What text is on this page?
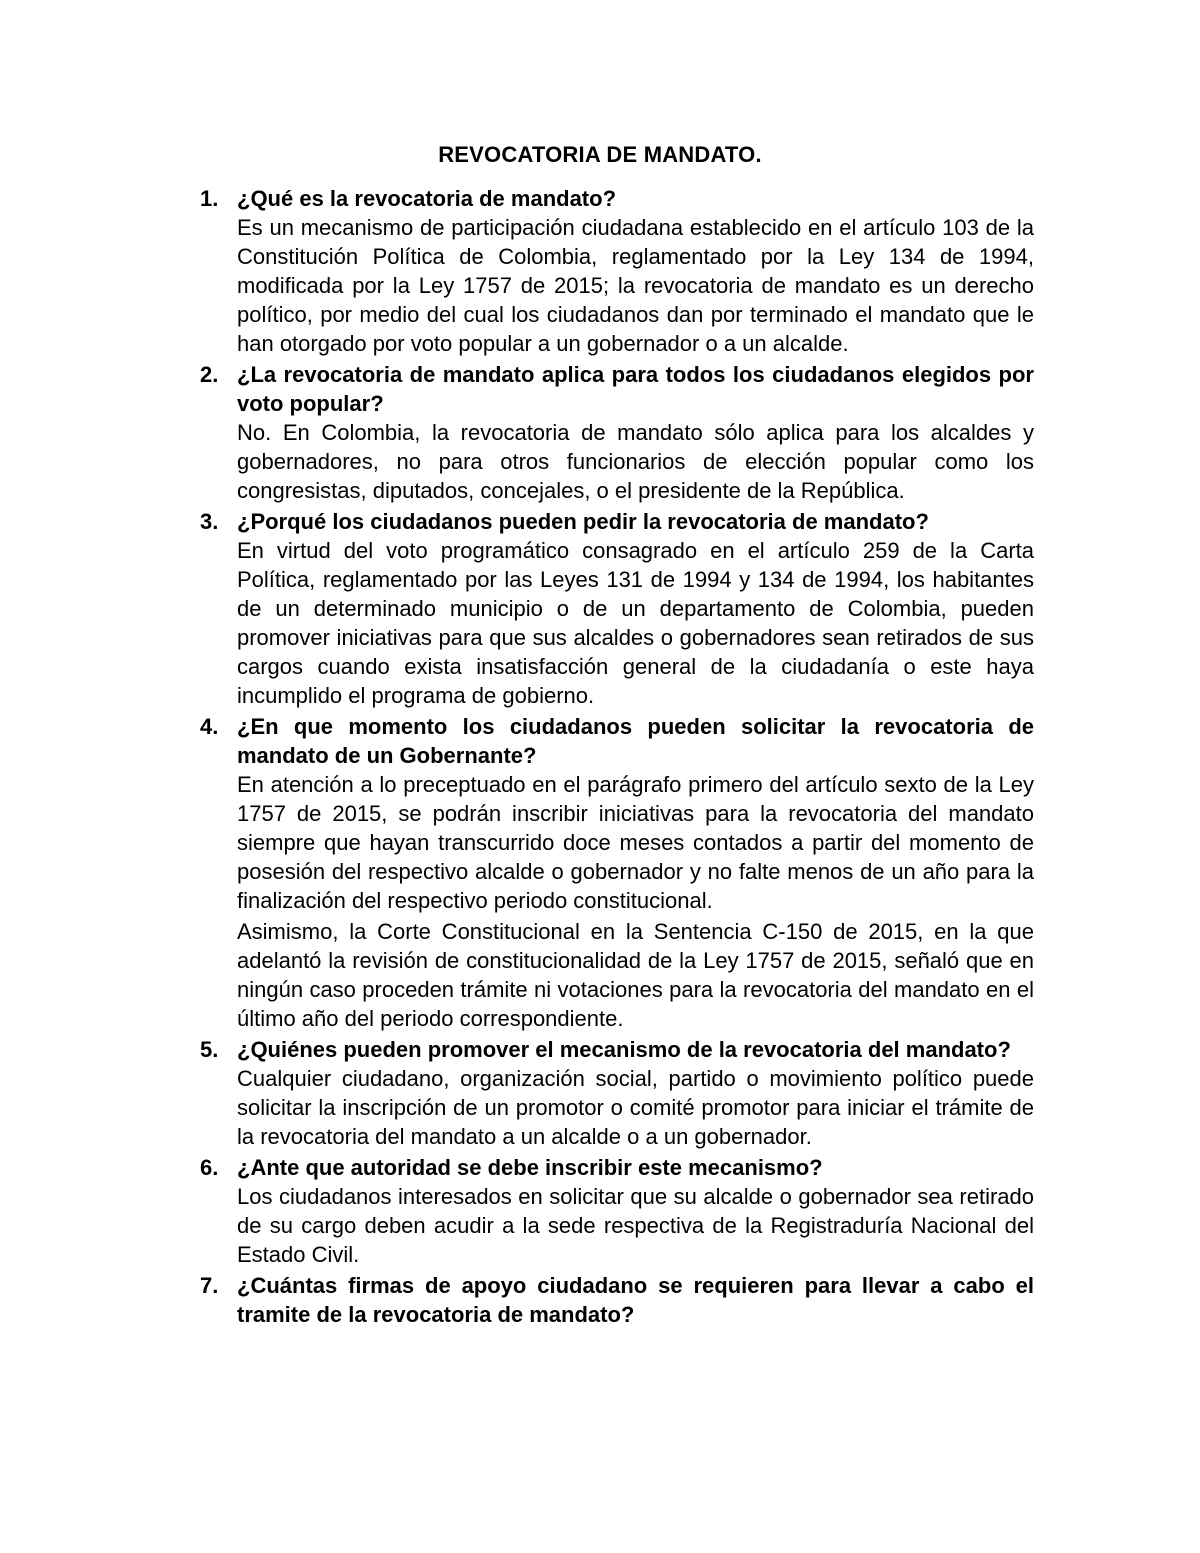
REVOCATORIA DE MANDATO.
1. ¿Qué es la revocatoria de mandato?

Es un mecanismo de participación ciudadana establecido en el artículo 103 de la Constitución Política de Colombia, reglamentado por la Ley 134 de 1994, modificada por la Ley 1757 de 2015; la revocatoria de mandato es un derecho político, por medio del cual los ciudadanos dan por terminado el mandato que le han otorgado por voto popular a un gobernador o a un alcalde.

2. ¿La revocatoria de mandato aplica para todos los ciudadanos elegidos por voto popular?

No. En Colombia, la revocatoria de mandato sólo aplica para los alcaldes y gobernadores, no para otros funcionarios de elección popular como los congresistas, diputados, concejales, o el presidente de la República.

3. ¿Porqué los ciudadanos pueden pedir la revocatoria de mandato?

En virtud del voto programático consagrado en el artículo 259 de la Carta Política, reglamentado por las Leyes 131 de 1994 y 134 de 1994, los habitantes de un determinado municipio o de un departamento de Colombia, pueden promover iniciativas para que sus alcaldes o gobernadores sean retirados de sus cargos cuando exista insatisfacción general de la ciudadanía o este haya incumplido el programa de gobierno.

4. ¿En que momento los ciudadanos pueden solicitar la revocatoria de mandato de un Gobernante?

En atención a lo preceptuado en el parágrafo primero del artículo sexto de la Ley 1757 de 2015, se podrán inscribir iniciativas para la revocatoria del mandato siempre que hayan transcurrido doce meses contados a partir del momento de posesión del respectivo alcalde o gobernador y no falte menos de un año para la finalización del respectivo periodo constitucional.

Asimismo, la Corte Constitucional en la Sentencia C-150 de 2015, en la que adelantó la revisión de constitucionalidad de la Ley 1757 de 2015, señaló que en ningún caso proceden trámite ni votaciones para la revocatoria del mandato en el último año del periodo correspondiente.

5. ¿Quiénes pueden promover el mecanismo de la revocatoria del mandato?

Cualquier ciudadano, organización social, partido o movimiento político puede solicitar la inscripción de un promotor o comité promotor para iniciar el trámite de la revocatoria del mandato a un alcalde o a un gobernador.

6. ¿Ante que autoridad se debe inscribir este mecanismo?

Los ciudadanos interesados en solicitar que su alcalde o gobernador sea retirado de su cargo deben acudir a la sede respectiva de la Registraduría Nacional del Estado Civil.

7. ¿Cuántas firmas de apoyo ciudadano se requieren para llevar a cabo el tramite de la revocatoria de mandato?
